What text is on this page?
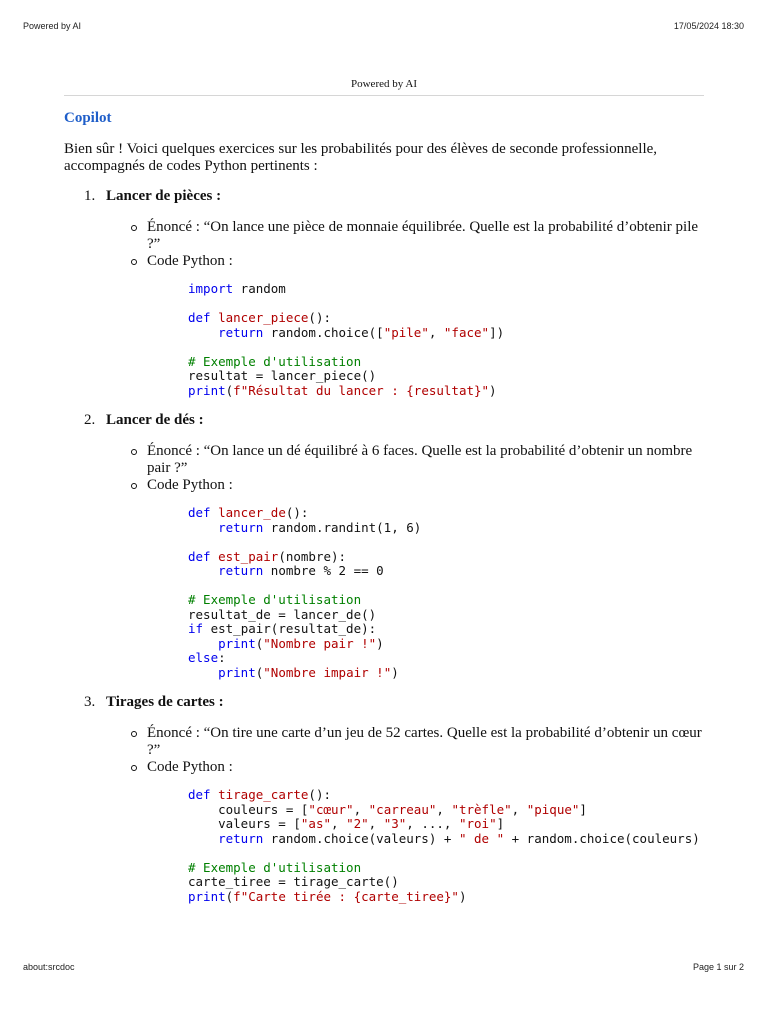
Powered by AI	17/05/2024 18:30
Powered by AI
Copilot

Bien sûr ! Voici quelques exercices sur les probabilités pour des élèves de seconde professionnelle, accompagnés de codes Python pertinents :

1. Lancer de pièces :
Énoncé : “On lance une pièce de monnaie équilibrée. Quelle est la probabilité d’obtenir pile ?”
Code Python :
import random
def lancer_piece():
return random.choice(["pile", "face"])
# Exemple d'utilisation
resultat = lancer_piece()
print(f"Résultat du lancer : {resultat}")
2. Lancer de dés :
Énoncé : “On lance un dé équilibré à 6 faces. Quelle est la probabilité d’obtenir un nombre pair ?”
Code Python :
def lancer_de():
return random.randint(1, 6)
def est_pair(nombre):
return nombre % 2 == 0
# Exemple d'utilisation
resultat_de = lancer_de()
if est_pair(resultat_de):
print("Nombre pair !")
else:
print("Nombre impair !")
3. Tirages de cartes :
Énoncé : “On tire une carte d’un jeu de 52 cartes. Quelle est la probabilité d’obtenir un cœur ?”
Code Python :
def tirage_carte():
couleurs = ["cœur", "carreau", "trèfle", "pique"]
valeurs = ["as", "2", "3", ..., "roi"]
return random.choice(valeurs) + " de " + random.choice(couleurs)
# Exemple d'utilisation
carte_tiree = tirage_carte()
print(f"Carte tirée : {carte_tiree}")
about:srcdoc	Page 1 sur 2
